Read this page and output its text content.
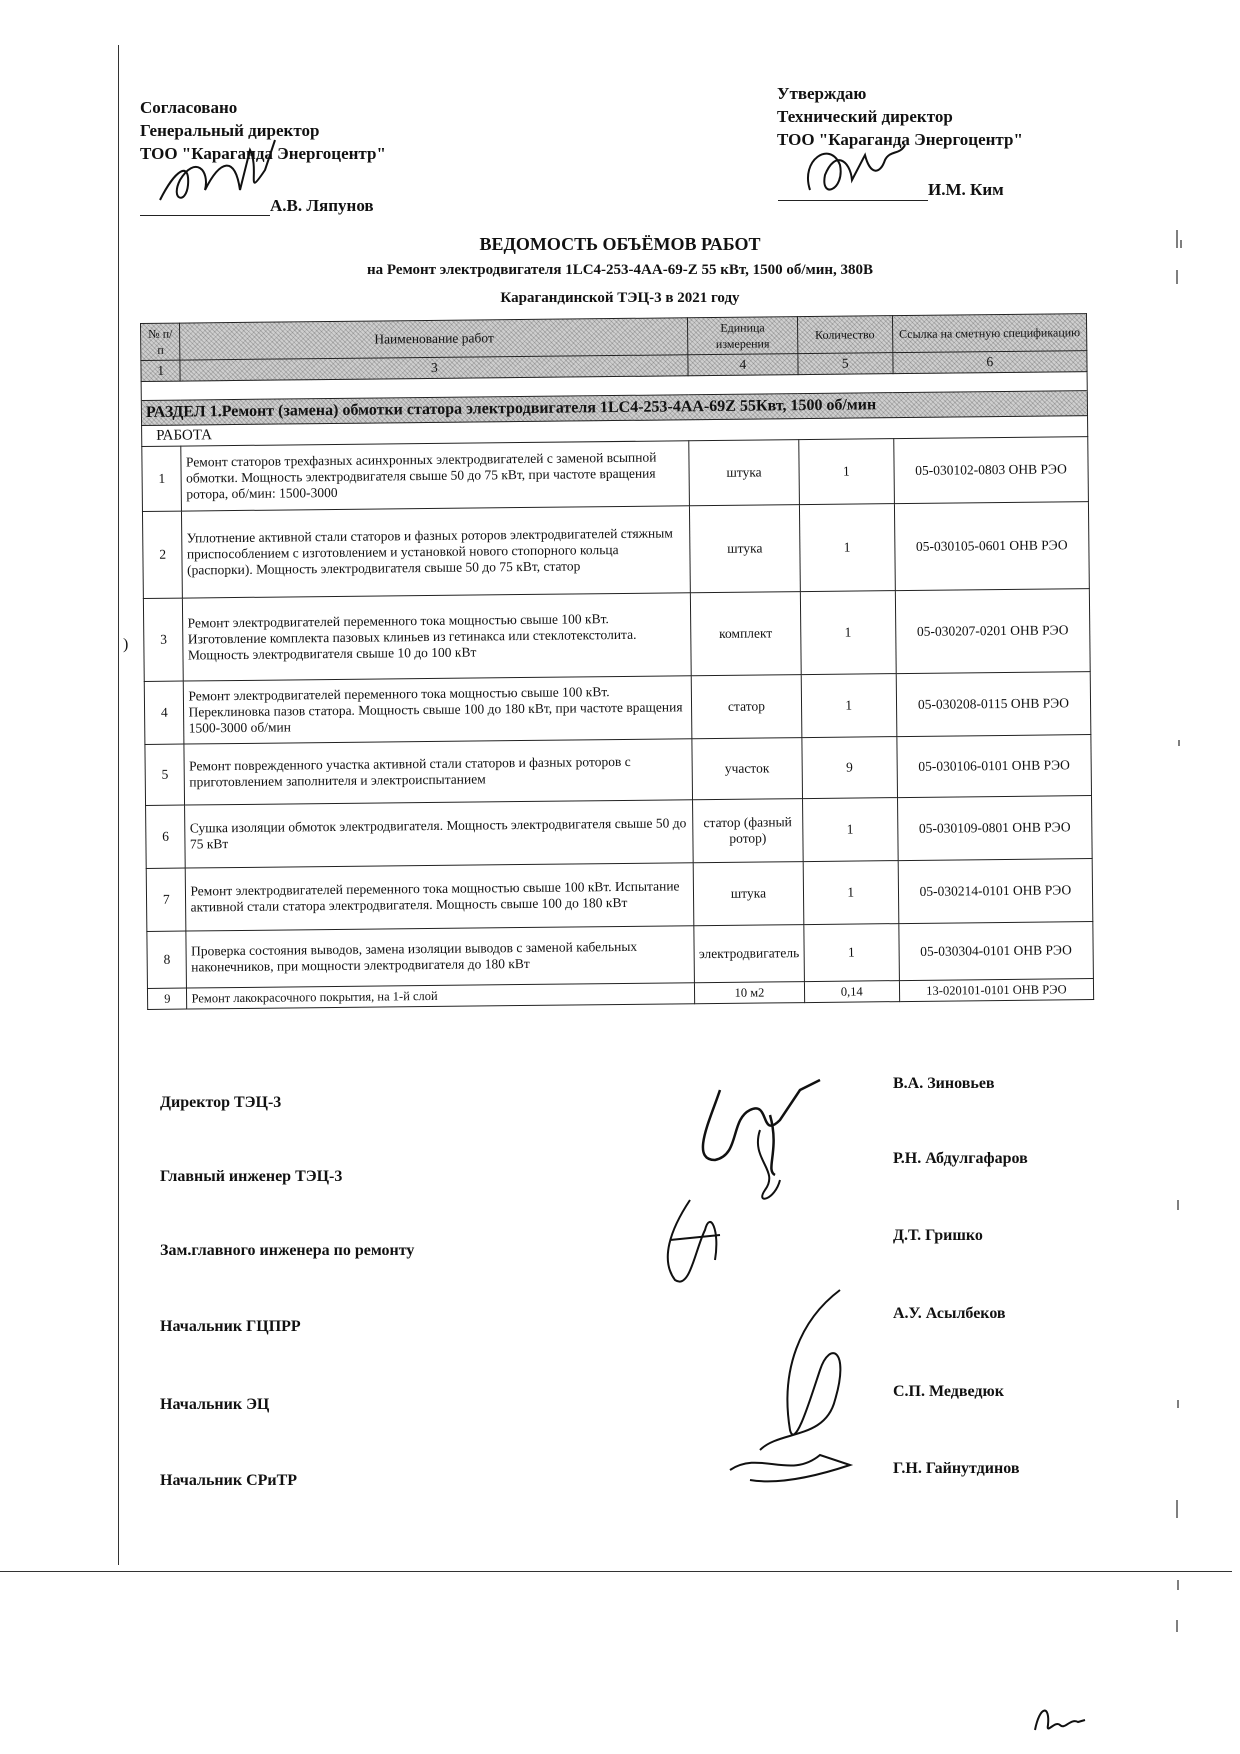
Согласовано
Генеральный директор
ТОО "Караганда Энергоцентр"
А.В. Ляпунов
Утверждаю
Технический директор
ТОО "Караганда Энергоцентр"
И.М. Ким
ВЕДОМОСТЬ ОБЪЁМОВ РАБОТ
на Ремонт электродвигателя 1LC4-253-4АА-69-Z 55 кВт, 1500 об/мин, 380В
Карагандинской ТЭЦ-3 в 2021 году
№ п/п	Наименование работ	Единица измерения	Количество	Ссылка на сметную спецификацию
1	3	4	5	6

РАЗДЕЛ 1.Ремонт (замена) обмотки статора электродвигателя 1LC4-253-4АА-69Z 55Квт, 1500 об/мин				
РАБОТА				
1	Ремонт статоров трехфазных асинхронных электродвигателей с заменой всыпной обмотки. Мощность электродвигателя свыше 50 до 75 кВт, при частоте вращения ротора, об/мин: 1500-3000	штука	1	05-030102-0803 ОНВ РЭО
2	Уплотнение активной стали статоров и фазных роторов электродвигателей стяжным приспособлением с изготовлением и установкой нового стопорного кольца (распорки). Мощность электродвигателя свыше 50 до 75 кВт, статор	штука	1	05-030105-0601 ОНВ РЭО
3	Ремонт электродвигателей переменного тока мощностью свыше 100 кВт. Изготовление комплекта пазовых клиньев из гетинакса или стеклотекстолита. Мощность электродвигателя свыше 10 до 100 кВт	комплект	1	05-030207-0201 ОНВ РЭО
4	Ремонт электродвигателей переменного тока мощностью свыше 100 кВт. Переклиновка пазов статора. Мощность свыше 100 до 180 кВт, при частоте вращения 1500-3000 об/мин	статор	1	05-030208-0115 ОНВ РЭО
5	Ремонт поврежденного участка активной стали статоров и фазных роторов с приготовлением заполнителя и электроиспытанием	участок	9	05-030106-0101 ОНВ РЭО
6	Сушка изоляции обмоток электродвигателя. Мощность электродвигателя свыше 50 до 75 кВт	статор (фазный ротор)	1	05-030109-0801 ОНВ РЭО
7	Ремонт электродвигателей переменного тока мощностью свыше 100 кВт. Испытание активной стали статора электродвигателя. Мощность свыше 100 до 180 кВт	штука	1	05-030214-0101 ОНВ РЭО
8	Проверка состояния выводов, замена изоляции выводов с заменой кабельных наконечников, при мощности электродвигателя до 180 кВт	электродвигатель	1	05-030304-0101 ОНВ РЭО
9	Ремонт лакокрасочного покрытия, на 1-й слой	10 м2	0,14	13-020101-0101 ОНВ РЭО
Директор ТЭЦ-3
В.А. Зиновьев
Главный инженер ТЭЦ-3
Р.Н. Абдулгафаров
Зам.главного инженера по ремонту
Д.Т. Гришко
Начальник ГЦПРР
А.У. Асылбеков
Начальник ЭЦ
С.П. Медведюк
Начальник СРиТР
Г.Н. Гайнутдинов
)
